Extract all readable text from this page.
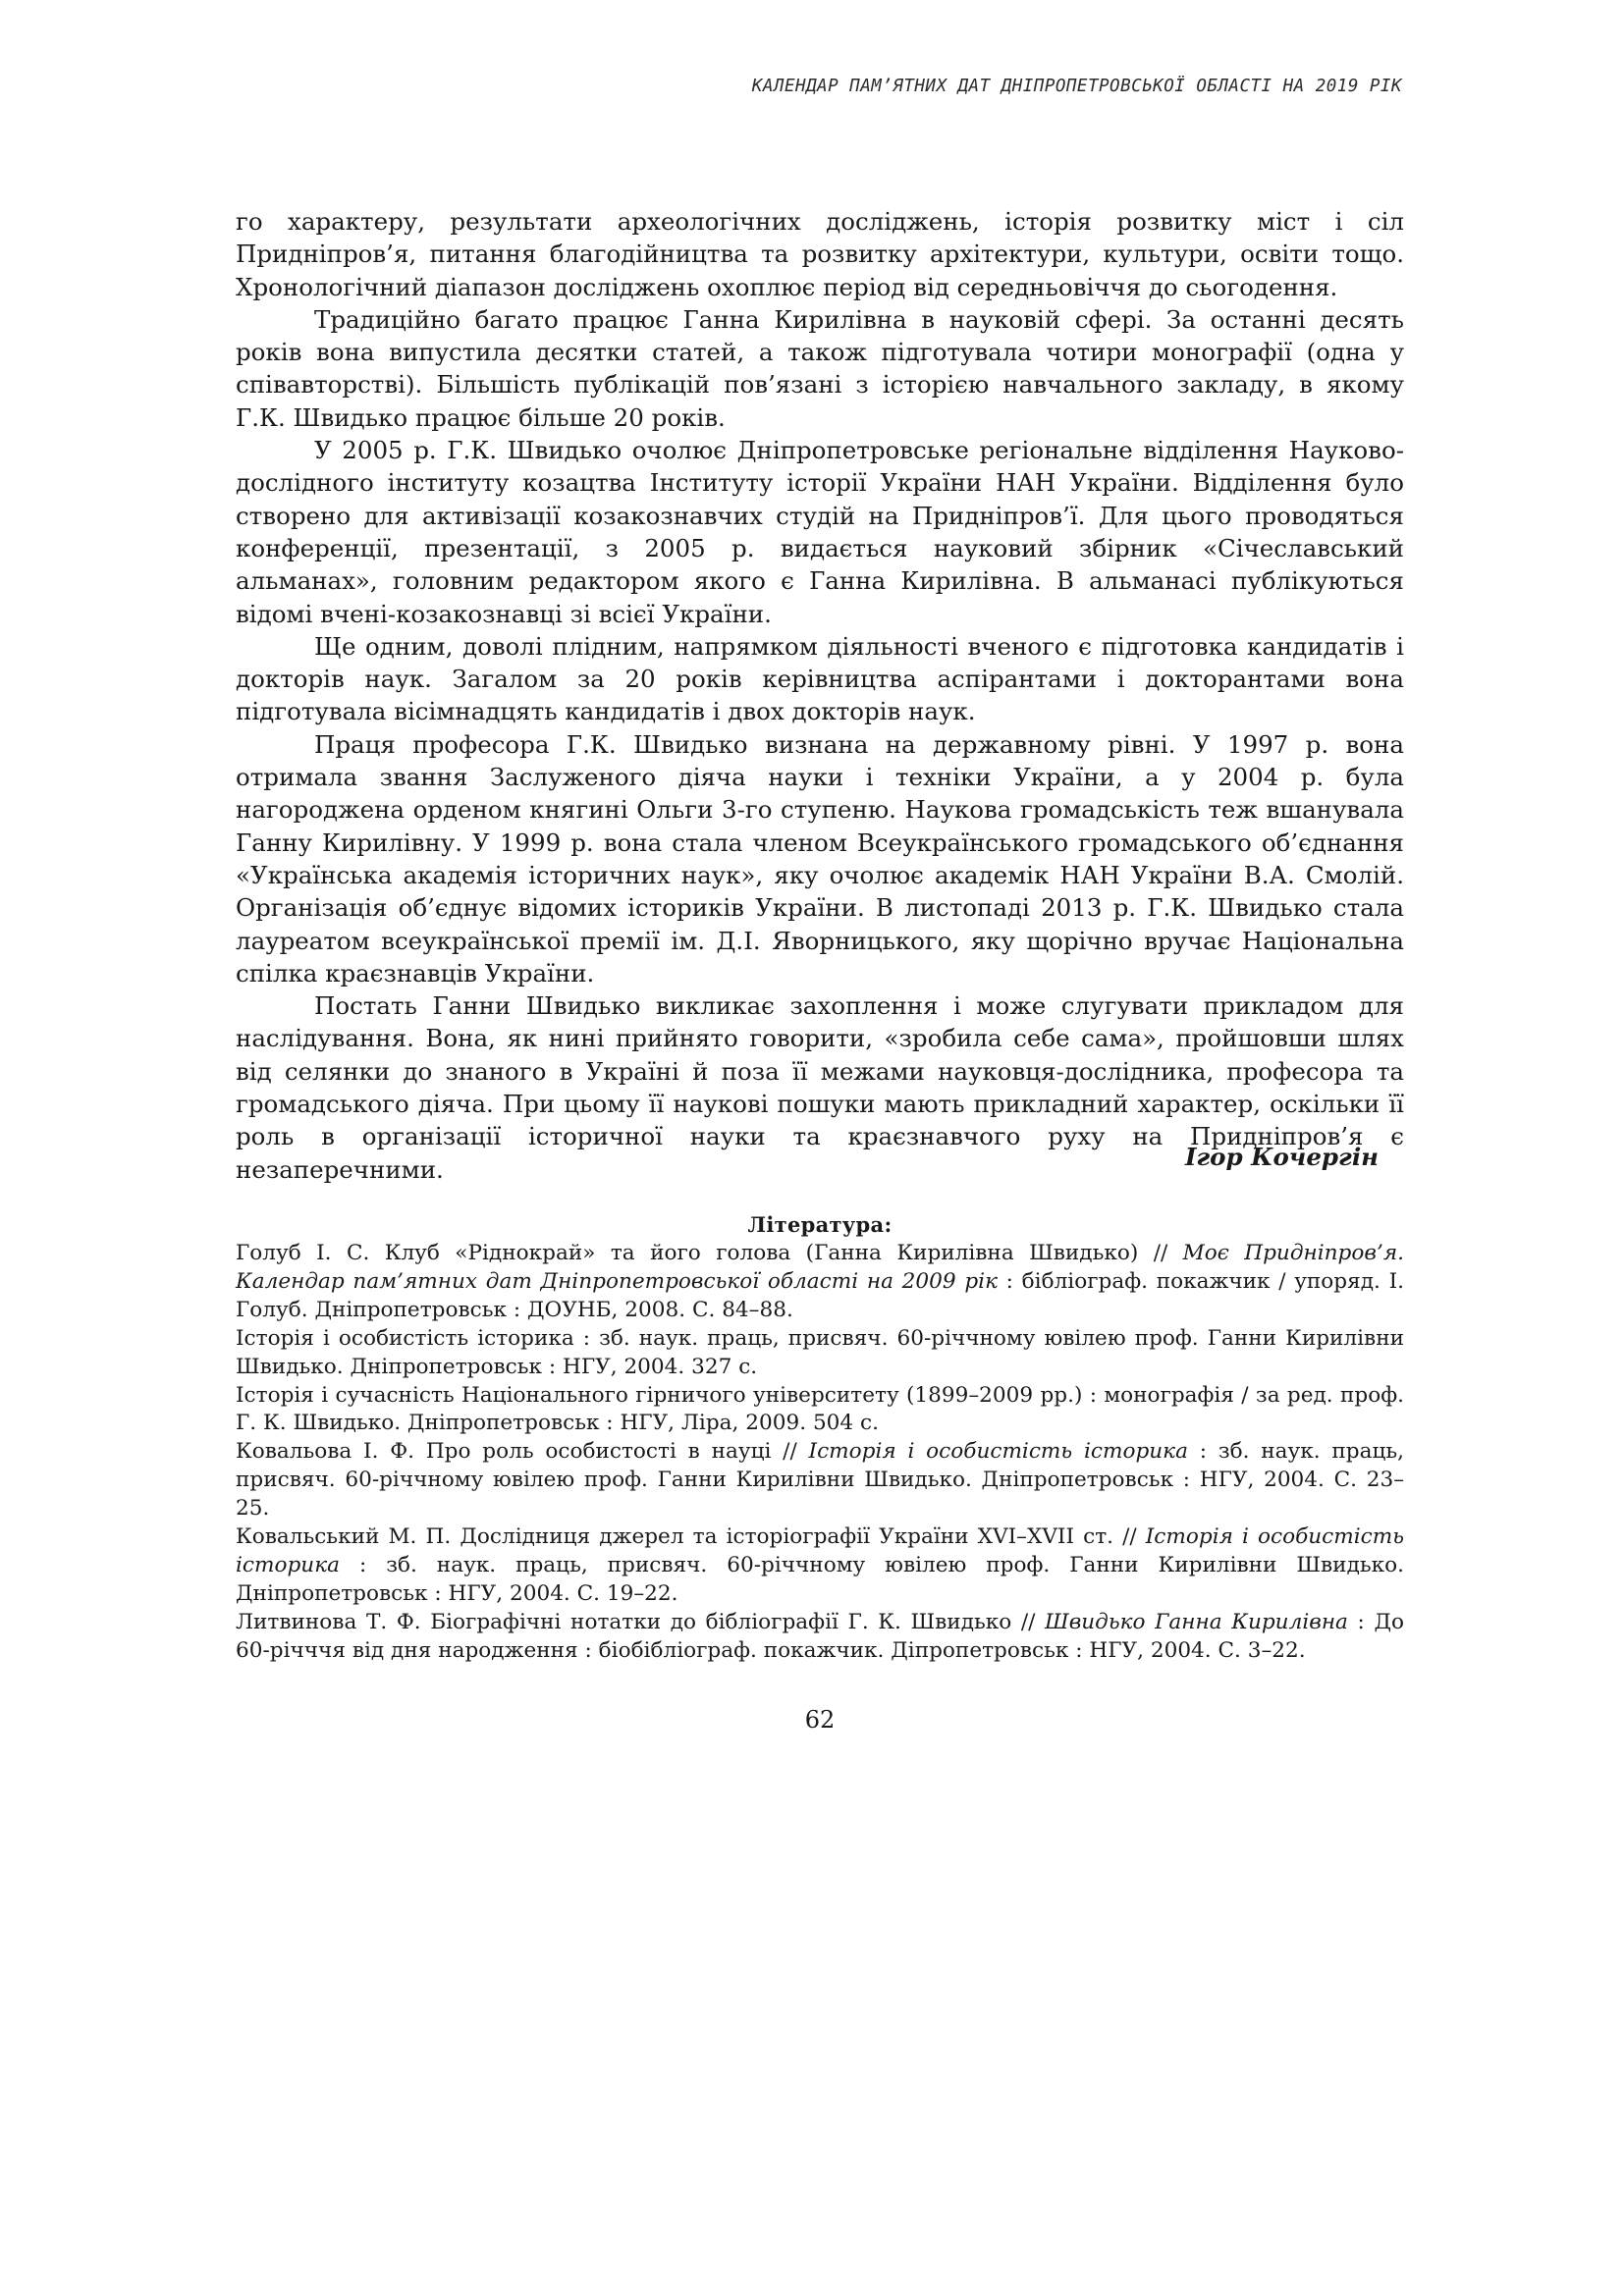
КАЛЕНДАР ПАМ’ЯТНИХ ДАТ ДНІПРОПЕТРОВСЬКОЇ ОБЛАСТІ НА 2019 РІК

го характеру, результати археологічних досліджень, історія розвитку міст і сіл Придніпров’я, питання благодійництва та розвитку архітектури, культури, освіти тощо. Хронологічний діапазон досліджень охоплює період від середньовіччя до сьогодення.

Традиційно багато працює Ганна Кирилівна в науковій сфері. За останні десять років вона випустила десятки статей, а також підготувала чотири монографії (одна у співавторстві). Більшість публікацій пов’язані з історією навчального закладу, в якому Г.К. Швидько працює більше 20 років.

У 2005 р. Г.К. Швидько очолює Дніпропетровське регіональне відділення Науково-дослідного інституту козацтва Інституту історії України НАН України. Відділення було створено для активізації козакознавчих студій на Придніпров’ї. Для цього проводяться конференції, презентації, з 2005 р. видається науковий збірник «Січеславський альманах», головним редактором якого є Ганна Кирилівна. В альманасі публікуються відомі вчені-козакознавці зі всієї України.

Ще одним, доволі плідним, напрямком діяльності вченого є підготовка кандидатів і докторів наук. Загалом за 20 років керівництва аспірантами і докторантами вона підготувала вісімнадцять кандидатів і двох докторів наук.

Праця професора Г.К. Швидько визнана на державному рівні. У 1997 р. вона отримала звання Заслуженого діяча науки і техніки України, а у 2004 р. була нагороджена орденом княгині Ольги 3-го ступеню. Наукова громадськість теж вшанувала Ганну Кирилівну. У 1999 р. вона стала членом Всеукраїнського громадського об’єднання «Українська академія історичних наук», яку очолює академік НАН України В.А. Смолій. Організація об’єднує відомих істориків України. В листопаді 2013 р. Г.К. Швидько стала лауреатом всеукраїнської премії ім. Д.І. Яворницького, яку щорічно вручає Національна спілка краєзнавців України.

Постать Ганни Швидько викликає захоплення і може слугувати прикладом для наслідування. Вона, як нині прийнято говорити, «зробила себе сама», пройшовши шлях від селянки до знаного в Україні й поза її межами науковця-дослідника, професора та громадського діяча. При цьому її наукові пошуки мають прикладний характер, оскільки її роль в організації історичної науки та краєзнавчого руху на Придніпров’я є незаперечними.	Ігор Кочергін
Література:

Голуб І. С. Клуб «Ріднокрай» та його голова (Ганна Кирилівна Швидько) // Моє Придніпров’я. Календар пам’ятних дат Дніпропетровської області на 2009 рік : бібліограф. покажчик / упоряд. І. Голуб. Дніпропетровськ : ДОУНБ, 2008. С. 84–88.

Історія і особистість історика : зб. наук. праць, присвяч. 60-річчному ювілею проф. Ганни Кирилівни Швидько. Дніпропетровськ : НГУ, 2004. 327 с.

Історія і сучасність Національного гірничого університету (1899–2009 рр.) : монографія / за ред. проф. Г. К. Швидько. Дніпропетровськ : НГУ, Ліра, 2009. 504 с.

Ковальова І. Ф. Про роль особистості в науці // Історія і особистість історика : зб. наук. праць, присвяч. 60-річчному ювілею проф. Ганни Кирилівни Швидько. Дніпропетровськ : НГУ, 2004. С. 23–25.

Ковальський М. П. Дослідниця джерел та історіографії України XVI–XVII ст. // Історія і особистість історика : зб. наук. праць, присвяч. 60-річчному ювілею проф. Ганни Кирилівни Швидько. Дніпропетровськ : НГУ, 2004. С. 19–22.

Литвинова Т. Ф. Біографічні нотатки до бібліографії Г. К. Швидько // Швидько Ганна Кирилівна : До 60-річччя від дня народження : біобібліограф. покажчик. Діпропетровськ : НГУ, 2004. С. 3–22.

62
